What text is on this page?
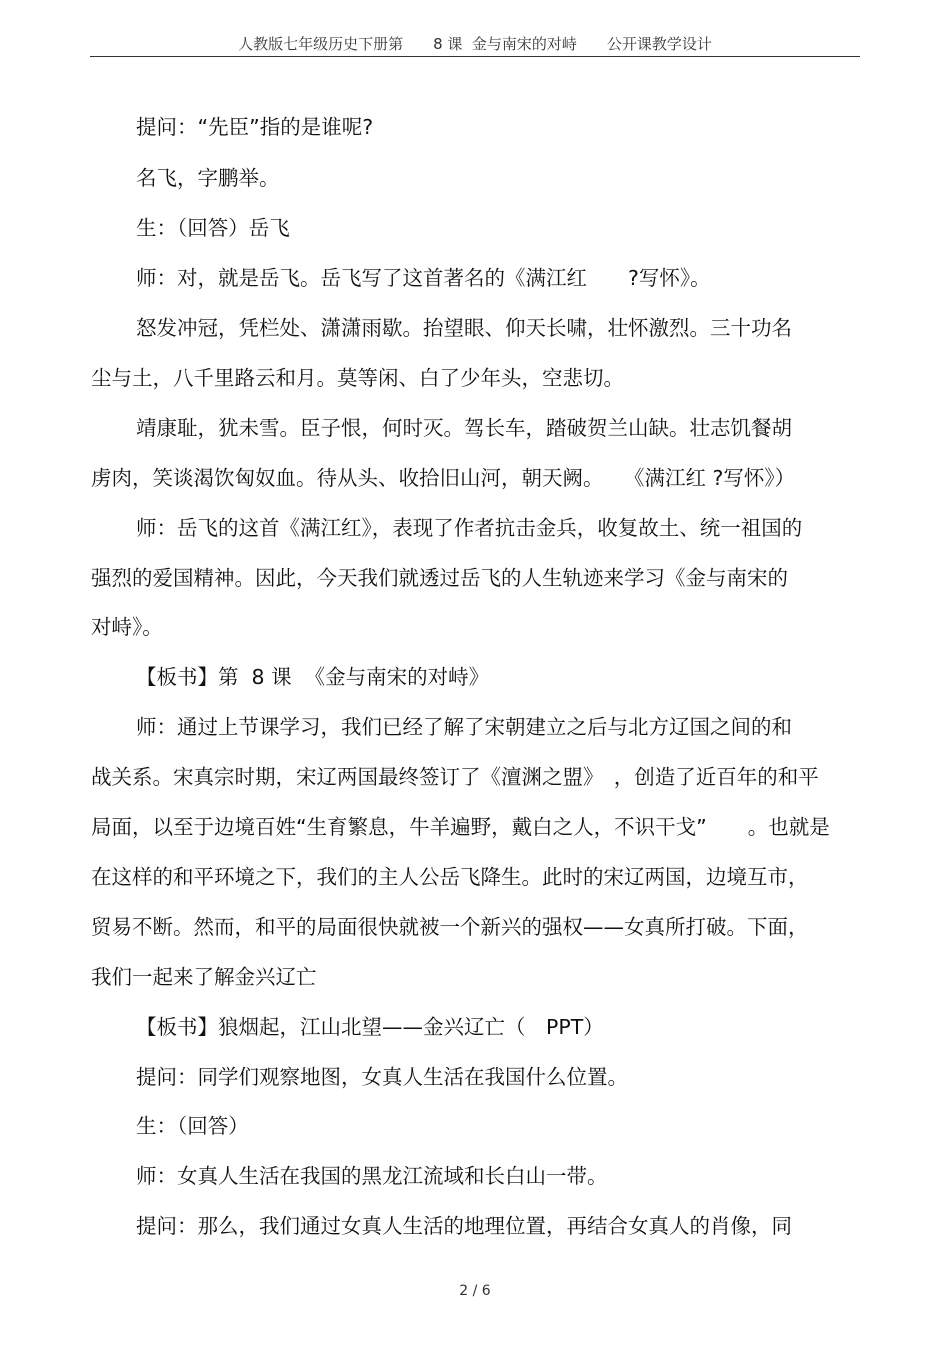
人教版七年级历史下册第　　8 课  金与南宋的对峙　　公开课教学设计
提问：“先臣”指的是谁呢?
名飞，字鹏举。
生：（回答）岳飞
师：对，就是岳飞。岳飞写了这首著名的《满江红　　?写怀》。
怒发冲冠，凭栏处、潇潇雨歇。抬望眼、仰天长啸，壮怀激烈。三十功名
尘与土，八千里路云和月。莫等闲、白了少年头，空悲切。
靖康耻，犹未雪。臣子恨，何时灭。驾长车，踏破贺兰山缺。壮志饥餐胡
虏肉，笑谈渴饮匈奴血。待从头、收拾旧山河，朝天阙。　　《满江红 ?写怀》）
师：岳飞的这首《满江红》，表现了作者抗击金兵，收复故土、统一祖国的
强烈的爱国精神。因此，今天我们就透过岳飞的人生轨迹来学习《金与南宋的
对峙》。
【板书】第  8 课  《金与南宋的对峙》
师：通过上节课学习，我们已经了解了宋朝建立之后与北方辽国之间的和
战关系。宋真宗时期，宋辽两国最终签订了《澶渊之盟》　，创造了近百年的和平
局面，以至于边境百姓“生育繁息，牛羊遍野，戴白之人，不识干戈”　　。也就是
在这样的和平环境之下，我们的主人公岳飞降生。此时的宋辽两国，边境互市，
贸易不断。然而，和平的局面很快就被一个新兴的强权——女真所打破。下面，
我们一起来了解金兴辽亡
【板书】狼烟起，江山北望——金兴辽亡（　PPT）
提问：同学们观察地图，女真人生活在我国什么位置。
生：（回答）
师：女真人生活在我国的黑龙江流域和长白山一带。
提问：那么，我们通过女真人生活的地理位置，再结合女真人的肖像，同
2 / 6
